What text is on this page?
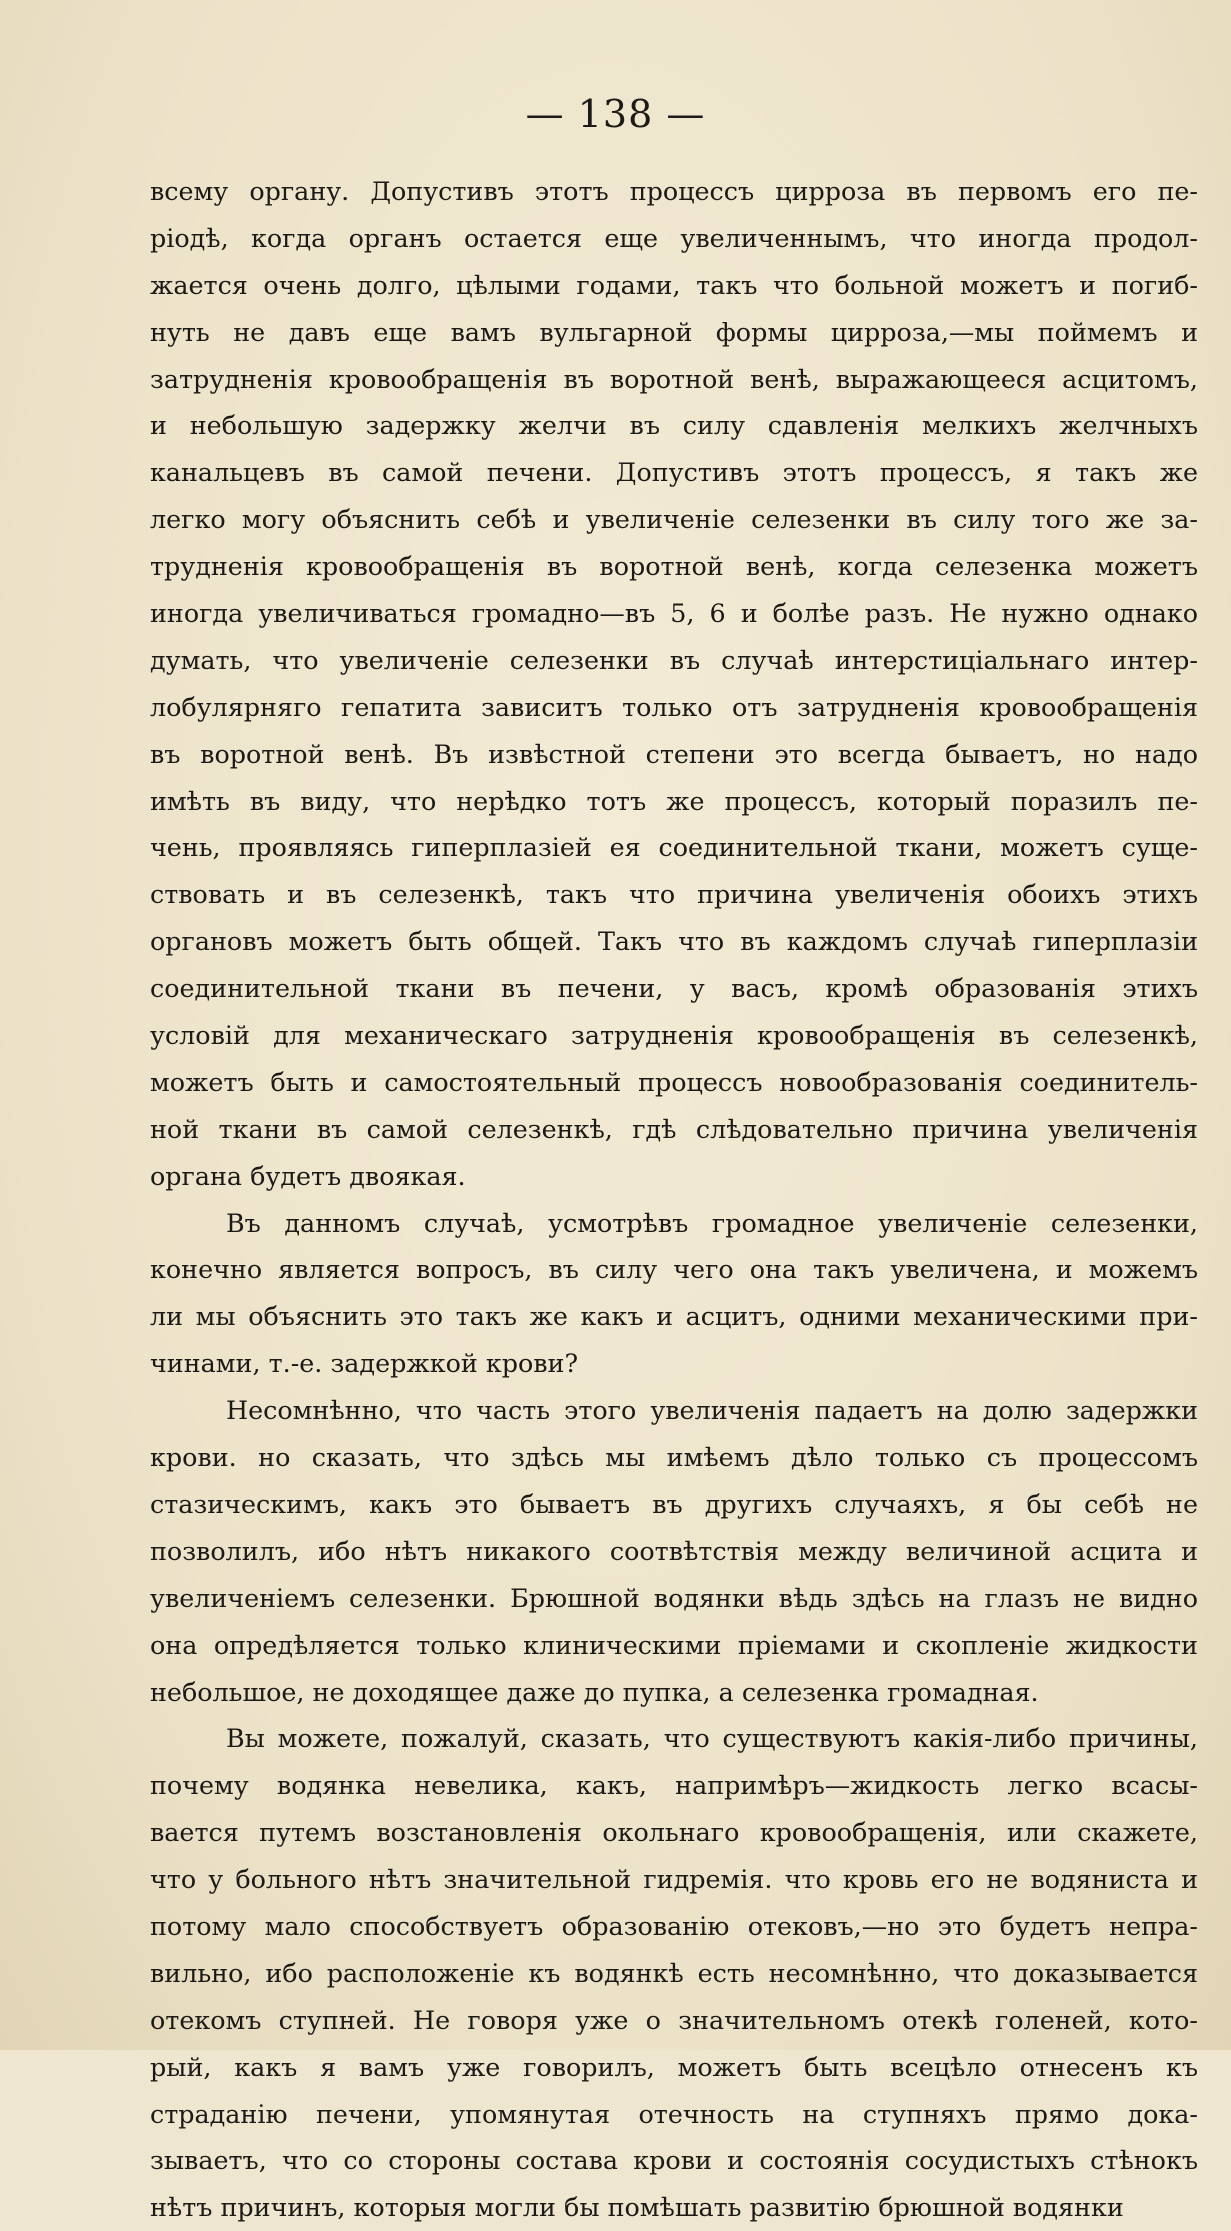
— 138 —
всему органу. Допустивъ этотъ процессъ цирроза въ первомъ его пе-
ріодѣ, когда органъ остается еще увеличеннымъ, что иногда продол-
жается очень долго, цѣлыми годами, такъ что больной можетъ и погиб-
нуть не давъ еще вамъ вульгарной формы цирроза,—мы поймемъ и
затрудненія кровообращенія въ воротной венѣ, выражающееся асцитомъ,
и небольшую задержку желчи въ силу сдавленія мелкихъ желчныхъ
канальцевъ въ самой печени. Допустивъ этотъ процессъ, я такъ же
легко могу объяснить себѣ и увеличеніе селезенки въ силу того же за-
трудненія кровообращенія въ воротной венѣ, когда селезенка можетъ
иногда увеличиваться громадно—въ 5, 6 и болѣе разъ. Не нужно однако
думать, что увеличеніе селезенки въ случаѣ интерстиціальнаго интер-
лобулярняго гепатита зависитъ только отъ затрудненія кровообращенія
въ воротной венѣ. Въ извѣстной степени это всегда бываетъ, но надо
имѣть въ виду, что нерѣдко тотъ же процессъ, который поразилъ пе-
чень, проявляясь гиперплазіей ея соединительной ткани, можетъ суще-
ствовать и въ селезенкѣ, такъ что причина увеличенія обоихъ этихъ
органовъ можетъ быть общей. Такъ что въ каждомъ случаѣ гиперплазіи
соединительной ткани въ печени, у васъ, кромѣ образованія этихъ
условій для механическаго затрудненія кровообращенія въ селезенкѣ,
можетъ быть и самостоятельный процессъ новообразованія соединитель-
ной ткани въ самой селезенкѣ, гдѣ слѣдовательно причина увеличенія
органа будетъ двоякая.
Въ данномъ случаѣ, усмотрѣвъ громадное увеличеніе селезенки,
конечно является вопросъ, въ силу чего она такъ увеличена, и можемъ
ли мы объяснить это такъ же какъ и асцитъ, одними механическими при-
чинами, т.-е. задержкой крови?
Несомнѣнно, что часть этого увеличенія падаетъ на долю задержки
крови. но сказать, что здѣсь мы имѣемъ дѣло только съ процессомъ
стазическимъ, какъ это бываетъ въ другихъ случаяхъ, я бы себѣ не
позволилъ, ибо нѣтъ никакого соотвѣтствія между величиной асцита и
увеличеніемъ селезенки. Брюшной водянки вѣдь здѣсь на глазъ не видно
она опредѣляется только клиническими пріемами и скопленіе жидкости
небольшое, не доходящее даже до пупка, а селезенка громадная.
Вы можете, пожалуй, сказать, что существуютъ какія-либо причины,
почему водянка невелика, какъ, напримѣръ—жидкость легко всасы-
вается путемъ возстановленія окольнаго кровообращенія, или скажете,
что у больного нѣтъ значительной гидремія. что кровь его не водяниста и
потому мало способствуетъ образованію отековъ,—но это будетъ непра-
вильно, ибо расположеніе къ водянкѣ есть несомнѣнно, что доказывается
отекомъ ступней. Не говоря уже о значительномъ отекѣ голеней, кото-
рый, какъ я вамъ уже говорилъ, можетъ быть всецѣло отнесенъ къ
страданію печени, упомянутая отечность на ступняхъ прямо дока-
зываетъ, что со стороны состава крови и состоянія сосудистыхъ стѣнокъ
нѣтъ причинъ, которыя могли бы помѣшать развитію брюшной водянки
